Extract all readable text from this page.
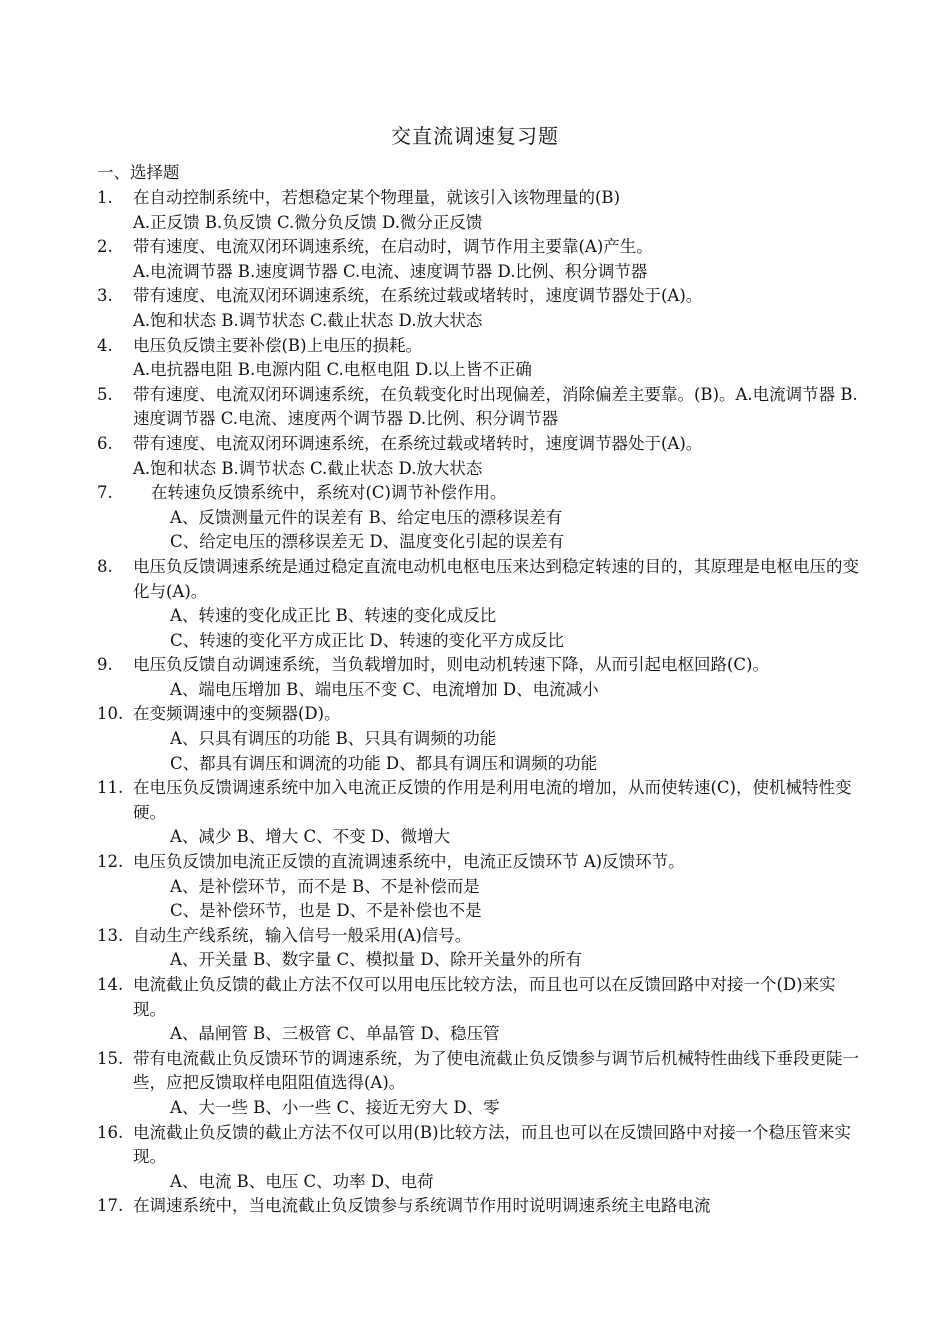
交直流调速复习题
一、选择题
1. 在自动控制系统中，若想稳定某个物理量，就该引入该物理量的(B)
A.正反馈 B.负反馈 C.微分负反馈 D.微分正反馈
2. 带有速度、电流双闭环调速系统，在启动时，调节作用主要靠(A)产生。
A.电流调节器 B.速度调节器 C.电流、速度调节器 D.比例、积分调节器
3. 带有速度、电流双闭环调速系统，在系统过载或堵转时，速度调节器处于(A)。
A.饱和状态 B.调节状态 C.截止状态 D.放大状态
4. 电压负反馈主要补偿(B)上电压的损耗。
A.电抗器电阻 B.电源内阻 C.电枢电阻 D.以上皆不正确
5. 带有速度、电流双闭环调速系统，在负载变化时出现偏差，消除偏差主要靠。(B)。A.电流调节器 B.速度调节器 C.电流、速度两个调节器 D.比例、积分调节器
6. 带有速度、电流双闭环调速系统，在系统过载或堵转时，速度调节器处于(A)。
A.饱和状态 B.调节状态 C.截止状态 D.放大状态
7.	在转速负反馈系统中，系统对(C)调节补偿作用。
A、反馈测量元件的误差有 B、给定电压的漂移误差有
C、给定电压的漂移误差无 D、温度变化引起的误差有
8. 电压负反馈调速系统是通过稳定直流电动机电枢电压来达到稳定转速的目的，其原理是电枢电压的变化与(A)。
A、转速的变化成正比 B、转速的变化成反比
C、转速的变化平方成正比 D、转速的变化平方成反比
9. 电压负反馈自动调速系统，当负载增加时，则电动机转速下降，从而引起电枢回路(C)。
A、端电压增加 B、端电压不变 C、电流增加 D、电流减小
10. 在变频调速中的变频器(D)。
A、只具有调压的功能 B、只具有调频的功能
C、都具有调压和调流的功能 D、都具有调压和调频的功能
11. 在电压负反馈调速系统中加入电流正反馈的作用是利用电流的增加，从而使转速(C)，使机械特性变硬。
A、减少 B、增大 C、不变 D、微增大
12. 电压负反馈加电流正反馈的直流调速系统中，电流正反馈环节 A)反馈环节。
A、是补偿环节，而不是 B、不是补偿而是
C、是补偿环节，也是 D、不是补偿也不是
13. 自动生产线系统，输入信号一般采用(A)信号。
A、开关量 B、数字量 C、模拟量 D、除开关量外的所有
14. 电流截止负反馈的截止方法不仅可以用电压比较方法，而且也可以在反馈回路中对接一个(D)来实现。
A、晶闸管 B、三极管 C、单晶管 D、稳压管
15. 带有电流截止负反馈环节的调速系统，为了使电流截止负反馈参与调节后机械特性曲线下垂段更陡一些，应把反馈取样电阻阻值选得(A)。
A、大一些 B、小一些 C、接近无穷大 D、零
16. 电流截止负反馈的截止方法不仅可以用(B)比较方法，而且也可以在反馈回路中对接一个稳压管来实现。
A、电流 B、电压 C、功率 D、电荷
17. 在调速系统中，当电流截止负反馈参与系统调节作用时说明调速系统主电路电流
